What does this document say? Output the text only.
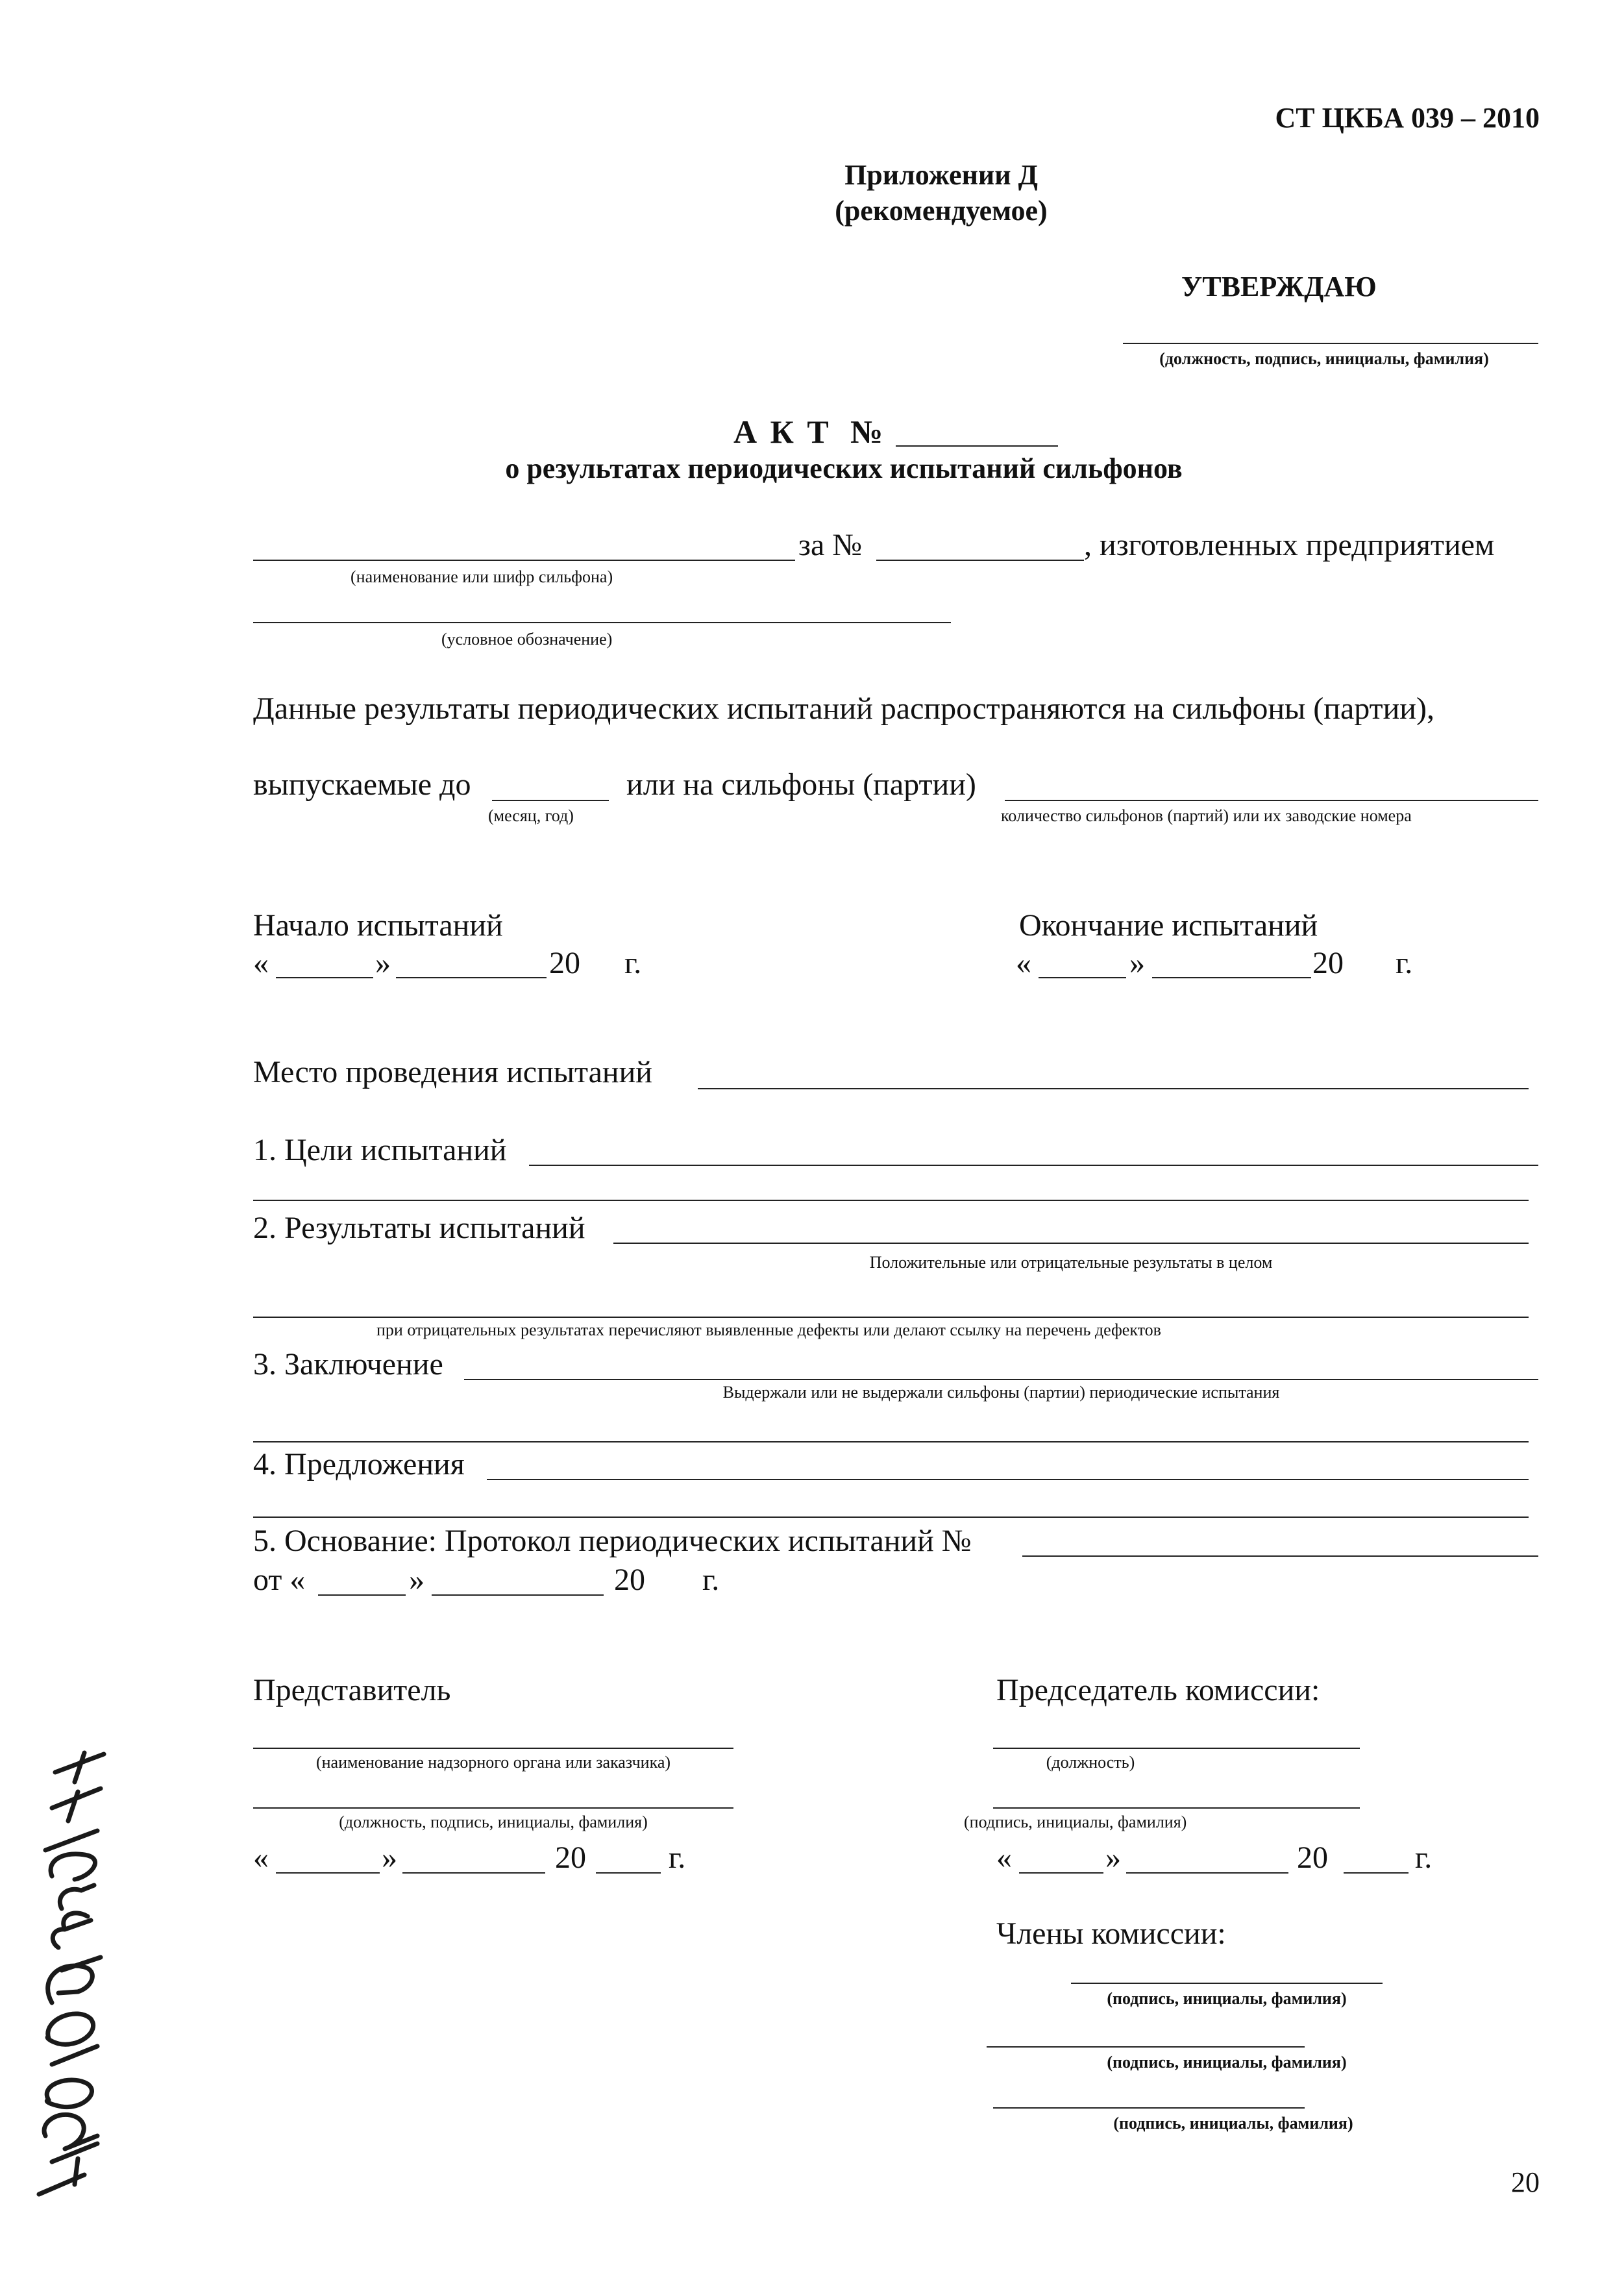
СТ ЦКБА 039 – 2010
Приложении Д
(рекомендуемое)
УТВЕРЖДАЮ
(должность, подпись, инициалы, фамилия)
А К Т №
о результатах периодических испытаний сильфонов
за №	, изготовленных предприятием
(наименование или шифр сильфона)
(условное обозначение)
Данные результаты периодических испытаний распространяются на сильфоны (партии),
выпускаемые до	или на сильфоны (партии)
(месяц, год)	количество сильфонов (партий) или их заводские номера
Начало испытаний
«	»	20 г.
Окончание испытаний
«	»	20 г.
Место проведения испытаний
1. Цели испытаний
2. Результаты испытаний
Положительные или отрицательные результаты в целом
при отрицательных результатах перечисляют выявленные дефекты или делают ссылку на перечень дефектов
3. Заключение
Выдержали или не выдержали сильфоны (партии) периодические испытания
4. Предложения
5. Основание: Протокол периодических испытаний №
от «	»	20 г.
Представитель
(наименование надзорного органа или заказчика)
(должность, подпись, инициалы, фамилия)
«	»	20	г.
Председатель комиссии:
(должность)
(подпись, инициалы, фамилия)
«	»	20	г.
Члены комиссии:
(подпись, инициалы, фамилия)
(подпись, инициалы, фамилия)
(подпись, инициалы, фамилия)
20
